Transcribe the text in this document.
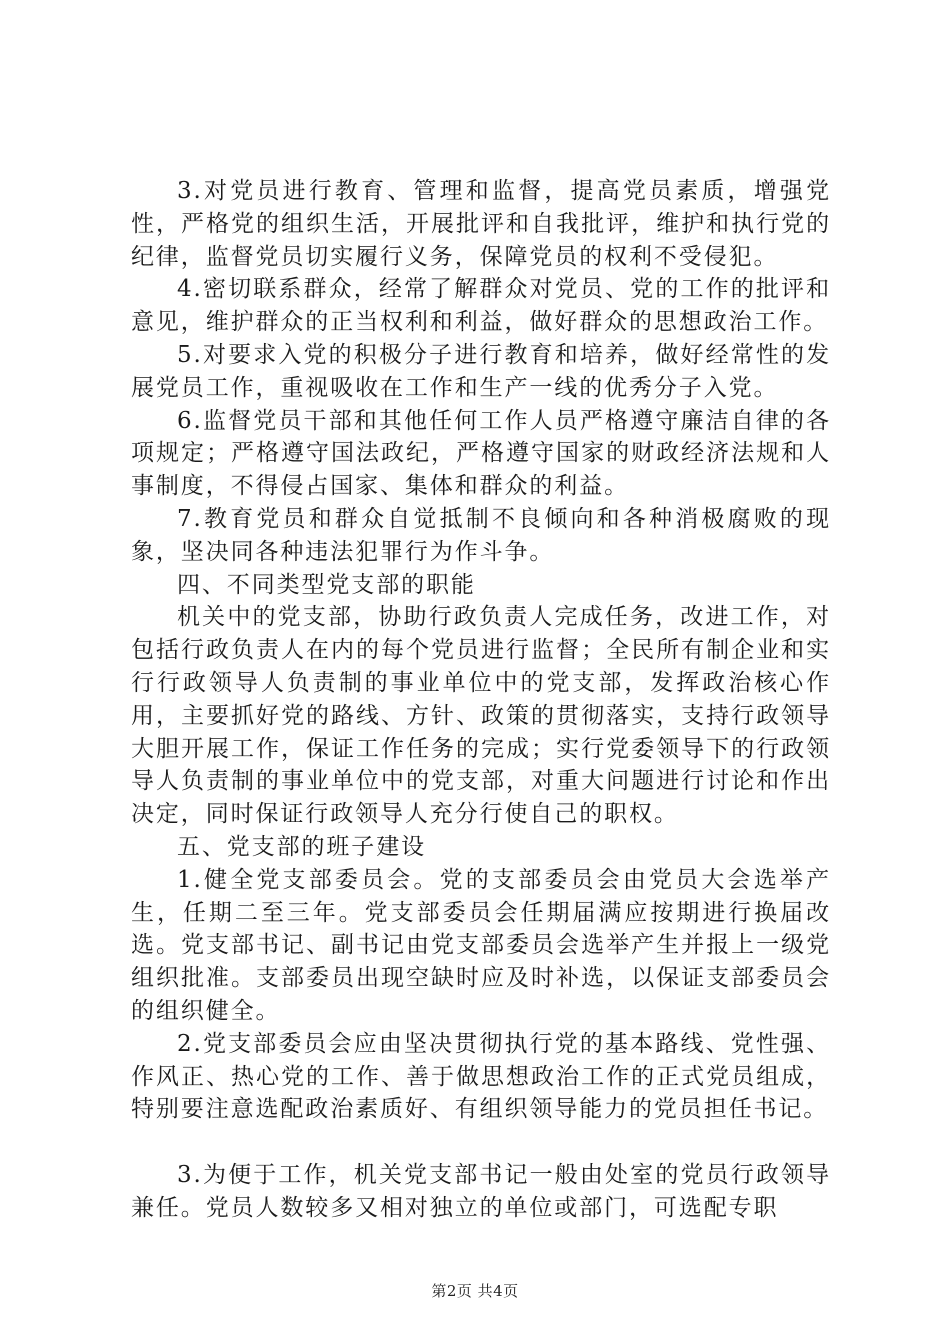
3.对党员进行教育、管理和监督，提高党员素质，增强党性，严格党的组织生活，开展批评和自我批评，维护和执行党的纪律，监督党员切实履行义务，保障党员的权利不受侵犯。

4.密切联系群众，经常了解群众对党员、党的工作的批评和意见，维护群众的正当权利和利益，做好群众的思想政治工作。

5.对要求入党的积极分子进行教育和培养，做好经常性的发展党员工作，重视吸收在工作和生产一线的优秀分子入党。

6.监督党员干部和其他任何工作人员严格遵守廉洁自律的各项规定；严格遵守国法政纪，严格遵守国家的财政经济法规和人事制度，不得侵占国家、集体和群众的利益。

7.教育党员和群众自觉抵制不良倾向和各种消极腐败的现象，坚决同各种违法犯罪行为作斗争。

四、不同类型党支部的职能

机关中的党支部，协助行政负责人完成任务，改进工作，对包括行政负责人在内的每个党员进行监督；全民所有制企业和实行行政领导人负责制的事业单位中的党支部，发挥政治核心作用，主要抓好党的路线、方针、政策的贯彻落实，支持行政领导大胆开展工作，保证工作任务的完成；实行党委领导下的行政领导人负责制的事业单位中的党支部，对重大问题进行讨论和作出决定，同时保证行政领导人充分行使自己的职权。

五、党支部的班子建设

1.健全党支部委员会。党的支部委员会由党员大会选举产生，任期二至三年。党支部委员会任期届满应按期进行换届改选。党支部书记、副书记由党支部委员会选举产生并报上一级党组织批准。支部委员出现空缺时应及时补选，以保证支部委员会的组织健全。

2.党支部委员会应由坚决贯彻执行党的基本路线、党性强、作风正、热心党的工作、善于做思想政治工作的正式党员组成，特别要注意选配政治素质好、有组织领导能力的党员担任书记。

3.为便于工作，机关党支部书记一般由处室的党员行政领导兼任。党员人数较多又相对独立的单位或部门，可选配专职

第2页 共4页
